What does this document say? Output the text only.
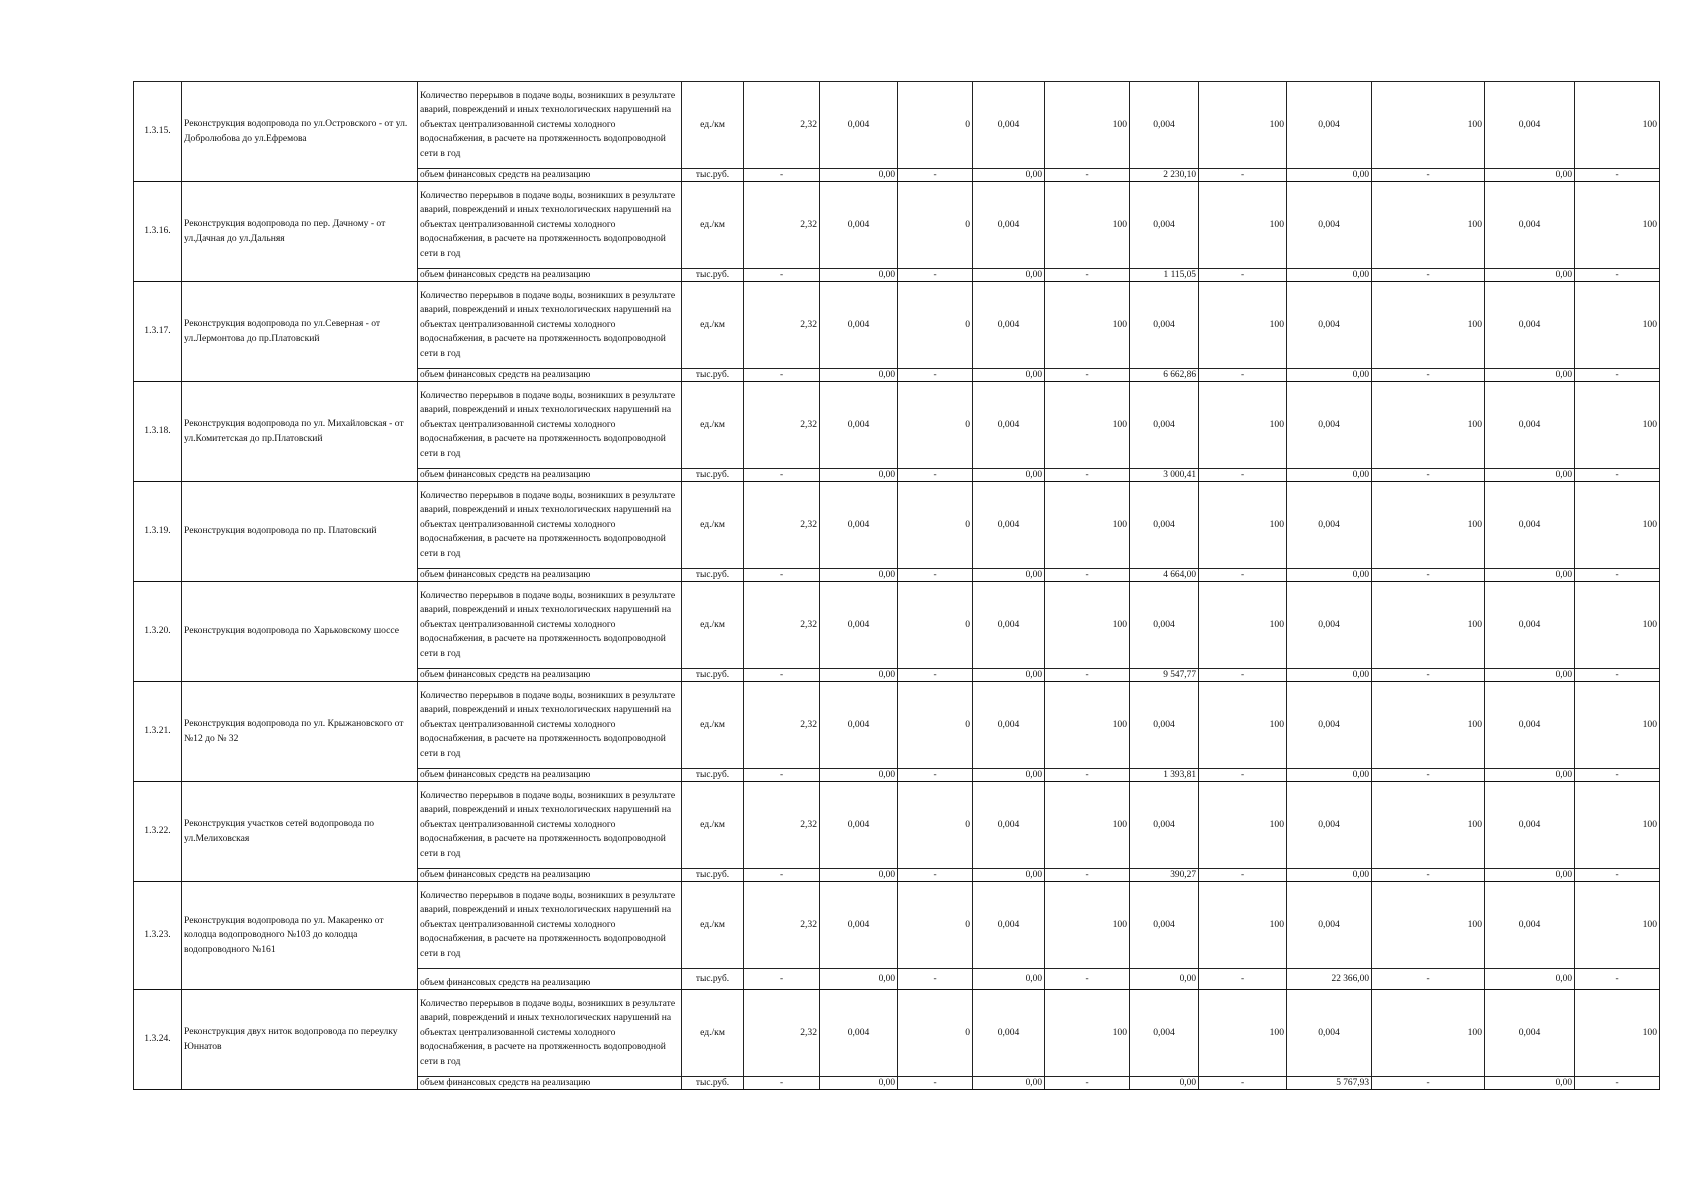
1.3.15.	Реконструкция водопровода по ул.Островского - от ул. Добролюбова до ул.Ефремова	Количество перерывов в подаче воды, возникших в результате аварий, повреждений и иных технологических нарушений на объектах централизованной системы холодного водоснабжения, в расчете на протяженность водопроводной сети в год	ед./км	2,32	0,004	0	0,004	100	0,004	100	0,004	100	0,004	100
		объем финансовых средств на реализацию	тыс.руб.	-	0,00	-	0,00	-	2 230,10	-	0,00	-	0,00	-
1.3.16.	Реконструкция водопровода по пер. Дачному - от ул.Дачная до ул.Дальняя	Количество перерывов в подаче воды, возникших в результате аварий, повреждений и иных технологических нарушений на объектах централизованной системы холодного водоснабжения, в расчете на протяженность водопроводной сети в год	ед./км	2,32	0,004	0	0,004	100	0,004	100	0,004	100	0,004	100
		объем финансовых средств на реализацию	тыс.руб.	-	0,00	-	0,00	-	1 115,05	-	0,00	-	0,00	-
1.3.17.	Реконструкция водопровода по ул.Северная - от ул.Лермонтова до пр.Платовский	Количество перерывов в подаче воды, возникших в результате аварий, повреждений и иных технологических нарушений на объектах централизованной системы холодного водоснабжения, в расчете на протяженность водопроводной сети в год	ед./км	2,32	0,004	0	0,004	100	0,004	100	0,004	100	0,004	100
		объем финансовых средств на реализацию	тыс.руб.	-	0,00	-	0,00	-	6 662,86	-	0,00	-	0,00	-
1.3.18.	Реконструкция водопровода по ул. Михайловская - от ул.Комитетская до пр.Платовский	Количество перерывов в подаче воды, возникших в результате аварий, повреждений и иных технологических нарушений на объектах централизованной системы холодного водоснабжения, в расчете на протяженность водопроводной сети в год	ед./км	2,32	0,004	0	0,004	100	0,004	100	0,004	100	0,004	100
		объем финансовых средств на реализацию	тыс.руб.	-	0,00	-	0,00	-	3 000,41	-	0,00	-	0,00	-
1.3.19.	Реконструкция водопровода по пр. Платовский	Количество перерывов в подаче воды, возникших в результате аварий, повреждений и иных технологических нарушений на объектах централизованной системы холодного водоснабжения, в расчете на протяженность водопроводной сети в год	ед./км	2,32	0,004	0	0,004	100	0,004	100	0,004	100	0,004	100
		объем финансовых средств на реализацию	тыс.руб.	-	0,00	-	0,00	-	4 664,00	-	0,00	-	0,00	-
1.3.20.	Реконструкция водопровода по Харьковскому шоссе	Количество перерывов в подаче воды, возникших в результате аварий, повреждений и иных технологических нарушений на объектах централизованной системы холодного водоснабжения, в расчете на протяженность водопроводной сети в год	ед./км	2,32	0,004	0	0,004	100	0,004	100	0,004	100	0,004	100
		объем финансовых средств на реализацию	тыс.руб.	-	0,00	-	0,00	-	9 547,77	-	0,00	-	0,00	-
1.3.21.	Реконструкция водопровода по ул. Крыжановского от №12 до № 32	Количество перерывов в подаче воды, возникших в результате аварий, повреждений и иных технологических нарушений на объектах централизованной системы холодного водоснабжения, в расчете на протяженность водопроводной сети в год	ед./км	2,32	0,004	0	0,004	100	0,004	100	0,004	100	0,004	100
		объем финансовых средств на реализацию	тыс.руб.	-	0,00	-	0,00	-	1 393,81	-	0,00	-	0,00	-
1.3.22.	Реконструкция участков сетей водопровода по ул.Мелиховская	Количество перерывов в подаче воды, возникших в результате аварий, повреждений и иных технологических нарушений на объектах централизованной системы холодного водоснабжения, в расчете на протяженность водопроводной сети в год	ед./км	2,32	0,004	0	0,004	100	0,004	100	0,004	100	0,004	100
		объем финансовых средств на реализацию	тыс.руб.	-	0,00	-	0,00	-	390,27	-	0,00	-	0,00	-
1.3.23.	Реконструкция водопровода по ул. Макаренко от колодца водопроводного №103 до колодца водопроводного №161	Количество перерывов в подаче воды, возникших в результате аварий, повреждений и иных технологических нарушений на объектах централизованной системы холодного водоснабжения, в расчете на протяженность водопроводной сети в год	ед./км	2,32	0,004	0	0,004	100	0,004	100	0,004	100	0,004	100
		объем финансовых средств на реализацию	тыс.руб.	-	0,00	-	0,00	-	0,00	-	22 366,00	-	0,00	-
1.3.24.	Реконструкция двух ниток водопровода по переулку Юннатов	Количество перерывов в подаче воды, возникших в результате аварий, повреждений и иных технологических нарушений на объектах централизованной системы холодного водоснабжения, в расчете на протяженность водопроводной сети в год	ед./км	2,32	0,004	0	0,004	100	0,004	100	0,004	100	0,004	100
		объем финансовых средств на реализацию	тыс.руб.	-	0,00	-	0,00	-	0,00	-	5 767,93	-	0,00	-
